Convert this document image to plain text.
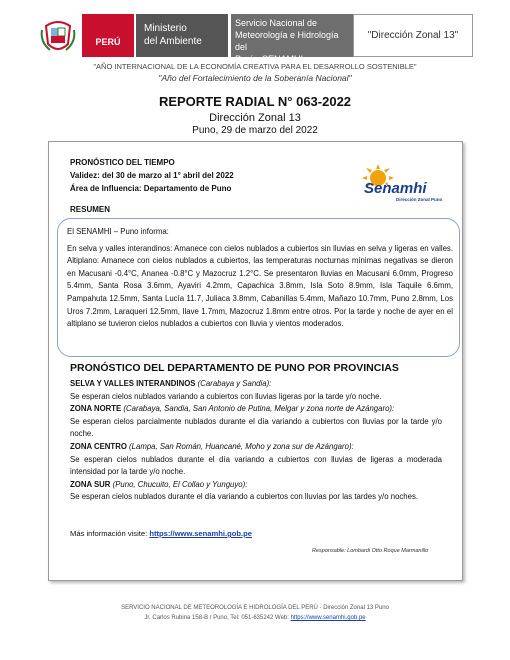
PERÚ
Ministerio
del Ambiente
Servicio Nacional de
Meteorología e Hidrología del
Perú - SENAMHI
"Dirección Zonal 13"
"AÑO INTERNACIONAL DE LA ECONOMÍA CREATIVA PARA EL DESARROLLO SOSTENIBLE"
"Año del Fortalecimiento de la Soberanía Nacional"
REPORTE RADIAL N° 063-2022
Dirección Zonal 13
Puno, 29 de marzo del 2022
PRONÓSTICO DEL TIEMPO
Validez: del 30 de marzo al 1° abril del 2022
Área de Influencia: Departamento de Puno
RESUMEN
Senamhi
Dirección Zonal Puno
El SENAMHI – Puno informa:
En selva y valles interandinos: Amanece con cielos nublados a cubiertos sin lluvias en selva y ligeras en valles. Altiplano: Amanece con cielos nublados a cubiertos, las temperaturas nocturnas mínimas negativas se dieron en Macusani -0.4°C, Ananea -0.8°C y Mazocruz 1.2°C. Se presentaron lluvias en Macusani 6.0mm, Progreso 5.4mm, Santa Rosa 3.6mm, Ayaviri 4.2mm, Capachica 3.8mm, Isla Soto 8.9mm, Isla Taquile 6.6mm, Pampahuta 12.5mm, Santa Lucía 11.7, Juliaca 3.8mm, Cabanillas 5.4mm, Mañazo 10.7mm, Puno 2.8mm, Los Uros 7.2mm, Laraqueri 12.5mm, Ilave 1.7mm, Mazocruz 1.8mm entre otros. Por la tarde y noche de ayer en el altiplano se tuvieron cielos nublados a cubiertos con lluvia y vientos moderados.
PRONÓSTICO DEL DEPARTAMENTO DE PUNO POR PROVINCIAS

SELVA Y VALLES INTERANDINOS (Carabaya y Sandia):

Se esperan cielos nublados variando a cubiertos con lluvias ligeras por la tarde y/o noche.

ZONA NORTE (Carabaya, Sandia, San Antonio de Putina, Melgar y zona norte de Azángaro):

Se esperan cielos parcialmente nublados durante el día variando a cubiertos con lluvias por la tarde y/o noche.

ZONA CENTRO (Lampa, San Román, Huancané, Moho y zona sur de Azángaro):

Se esperan cielos nublados durante el día variando a cubiertos con lluvias de ligeras a moderada intensidad por la tarde y/o noche.

ZONA SUR (Puno, Chucuito, El Collao y Yunguyo):

Se esperan cielos nublados durante el día variando a cubiertos con lluvias por las tardes y/o noches.

Más información visite: https://www.senamhi.gob.pe
Responsable: Lombardi Otto Roque Marmanillo
SERVICIO NACIONAL DE METEOROLOGÍA E HIDROLOGÍA DEL PERÚ - Dirección Zonal 13 Puno
Jr. Carlos Rubina 158-B / Puno, Tel: 051-635242 Web: https://www.senamhi.gob.pe
